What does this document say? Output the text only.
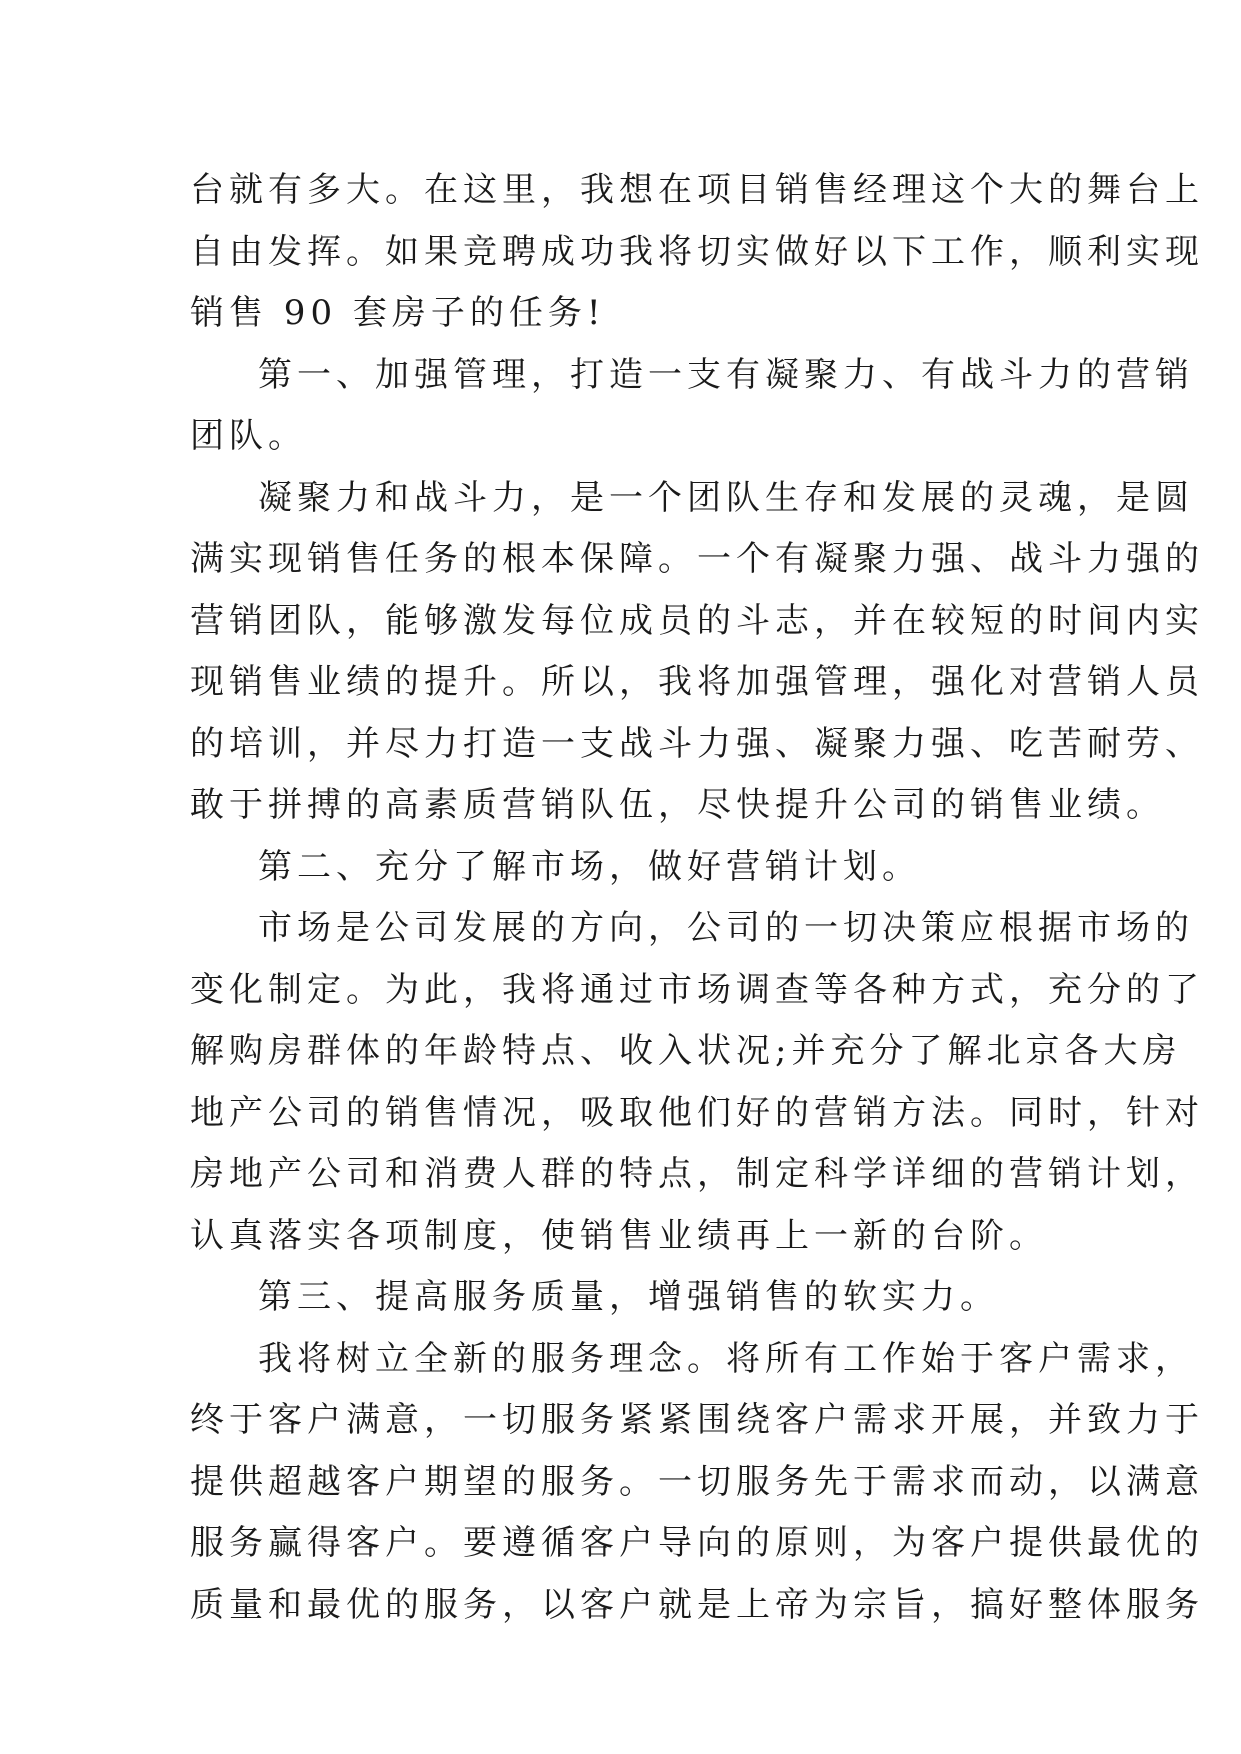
台就有多大。在这里，我想在项目销售经理这个大的舞台上
自由发挥。如果竞聘成功我将切实做好以下工作，顺利实现
销售 90 套房子的任务!
第一、加强管理，打造一支有凝聚力、有战斗力的营销
团队。
凝聚力和战斗力，是一个团队生存和发展的灵魂，是圆
满实现销售任务的根本保障。一个有凝聚力强、战斗力强的
营销团队，能够激发每位成员的斗志，并在较短的时间内实
现销售业绩的提升。所以，我将加强管理，强化对营销人员
的培训，并尽力打造一支战斗力强、凝聚力强、吃苦耐劳、
敢于拼搏的高素质营销队伍，尽快提升公司的销售业绩。
第二、充分了解市场，做好营销计划。
市场是公司发展的方向，公司的一切决策应根据市场的
变化制定。为此，我将通过市场调查等各种方式，充分的了
解购房群体的年龄特点、收入状况;并充分了解北京各大房
地产公司的销售情况，吸取他们好的营销方法。同时，针对
房地产公司和消费人群的特点，制定科学详细的营销计划，
认真落实各项制度，使销售业绩再上一新的台阶。
第三、提高服务质量，增强销售的软实力。
我将树立全新的服务理念。将所有工作始于客户需求，
终于客户满意，一切服务紧紧围绕客户需求开展，并致力于
提供超越客户期望的服务。一切服务先于需求而动，以满意
服务赢得客户。要遵循客户导向的原则，为客户提供最优的
质量和最优的服务，以客户就是上帝为宗旨，搞好整体服务
